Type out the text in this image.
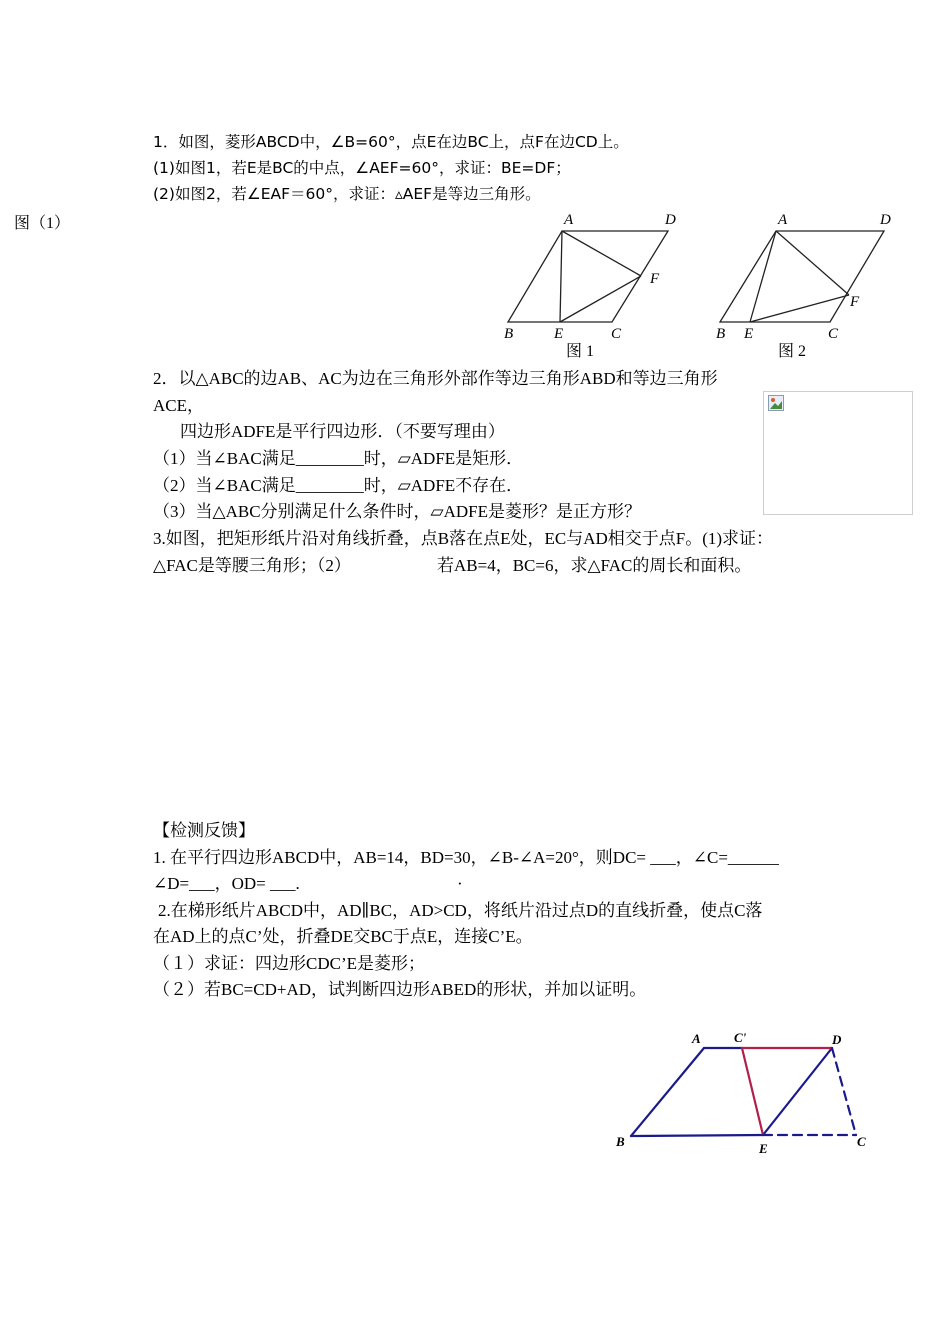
1．如图，菱形ABCD中，∠B=60°，点E在边BC上，点F在边CD上。
(1)如图1，若E是BC的中点，∠AEF=60°，求证：BE=DF；
(2)如图2，若∠EAF＝60°，求证：▵AEF是等边三角形。
图（1）	A	D
F
B	E	C
图 1
A	D
F
B E	C
图 2
2．以△ABC的边AB、AC为边在三角形外部作等边三角形ABD和等边三角形
ACE，
四边形ADFE是平行四边形．（不要写理由）
（1）当∠BAC满足________时，▱ADFE是矩形．
（2）当∠BAC满足________时，▱ADFE不存在．
（3）当△ABC分别满足什么条件时，▱ADFE是菱形？是正方形？
3.如图，把矩形纸片沿对角线折叠，点B落在点E处，EC与AD相交于点F。(1)求证：
△FAC是等腰三角形；（2）	若AB=4，BC=6，求△FAC的周长和面积。
【检测反馈】
1. 在平行四边形ABCD中，AB=14，BD=30，∠B-∠A=20°，则DC= ___，∠C=______
∠D=___，OD= ___.	·
2.在梯形纸片ABCD中，AD∥BC，AD>CD，将纸片沿过点D的直线折叠，使点C落
在AD上的点C’处，折叠DE交BC于点E，连接C’E。
（１）求证：四边形CDC’E是菱形；
（２）若BC=CD+AD，试判断四边形ABED的形状，并加以证明。
A	C'	D
B	E	C
